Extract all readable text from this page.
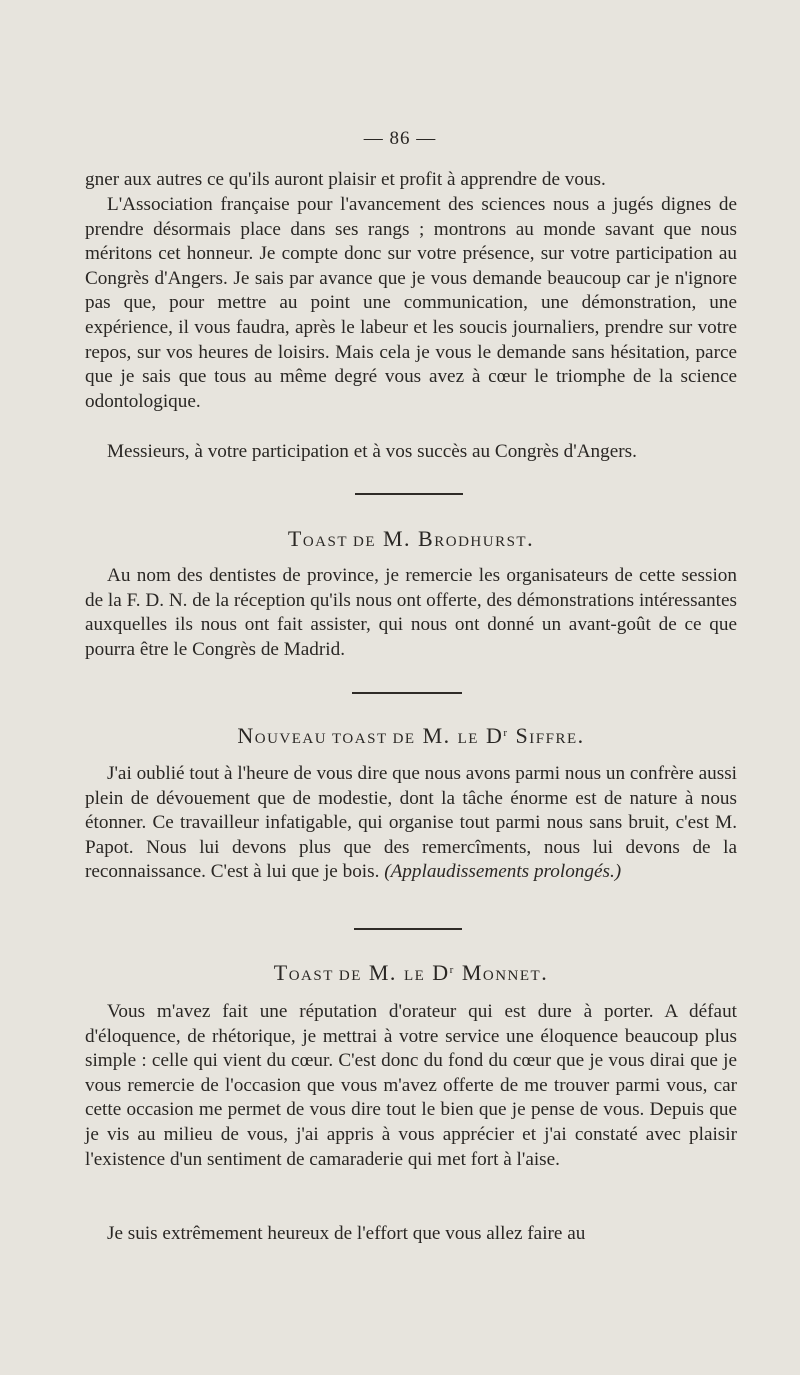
— 86 —

gner aux autres ce qu'ils auront plaisir et profit à apprendre de vous.

L'Association française pour l'avancement des sciences nous a jugés dignes de prendre désormais place dans ses rangs ; montrons au monde savant que nous méritons cet honneur. Je compte donc sur votre présence, sur votre participation au Congrès d'Angers. Je sais par avance que je vous demande beaucoup car je n'ignore pas que, pour mettre au point une communication, une démonstration, une expérience, il vous faudra, après le labeur et les soucis journaliers, prendre sur votre repos, sur vos heures de loisirs. Mais cela je vous le demande sans hésitation, parce que je sais que tous au même degré vous avez à cœur le triomphe de la science odontologique.

Messieurs, à votre participation et à vos succès au Congrès d'Angers.

TOAST DE M. BRODHURST.

Au nom des dentistes de province, je remercie les organisateurs de cette session de la F. D. N. de la réception qu'ils nous ont offerte, des démonstrations intéressantes auxquelles ils nous ont fait assister, qui nous ont donné un avant-goût de ce que pourra être le Congrès de Madrid.

NOUVEAU TOAST DE M. LE $D^r$ SIFFRE.

J'ai oublié tout à l'heure de vous dire que nous avons parmi nous un confrère aussi plein de dévouement que de modestie, dont la tâche énorme est de nature à nous étonner. Ce travailleur infatigable, qui organise tout parmi nous sans bruit, c'est M. Papot. Nous lui devons plus que des remercîments, nous lui devons de la reconnaissance. C'est à lui que je bois. (Applaudissements prolongés.)

TOAST DE M. LE $D^r$ MONNET.

Vous m'avez fait une réputation d'orateur qui est dure à porter. A défaut d'éloquence, de rhétorique, je mettrai à votre service une éloquence beaucoup plus simple : celle qui vient du cœur. C'est donc du fond du cœur que je vous dirai que je vous remercie de l'occasion que vous m'avez offerte de me trouver parmi vous, car cette occasion me permet de vous dire tout le bien que je pense de vous. Depuis que je vis au milieu de vous, j'ai appris à vous apprécier et j'ai constaté avec plaisir l'existence d'un sentiment de camaraderie qui met fort à l'aise.

Je suis extrêmement heureux de l'effort que vous allez faire au
